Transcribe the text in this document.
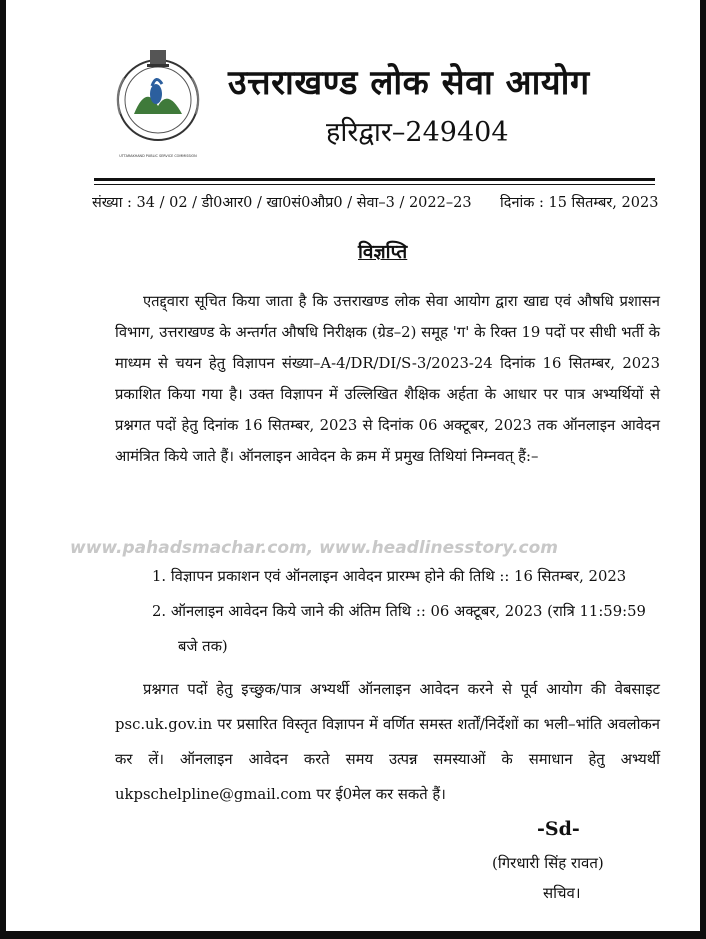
UTTARAKHAND PUBLIC SERVICE COMMISSION
उत्तराखण्ड लोक सेवा आयोग
हरिद्वार–249404
संख्या : 34 / 02 / डी0आर0 / खा0सं0औप्र0 / सेवा–3 / 2022–23 दिनांक : 15 सितम्बर, 2023
विज्ञप्ति
एतद्द्वारा सूचित किया जाता है कि उत्तराखण्ड लोक सेवा आयोग द्वारा खाद्य एवं औषधि प्रशासन विभाग, उत्तराखण्ड के अन्तर्गत औषधि निरीक्षक (ग्रेड–2) समूह 'ग' के रिक्त 19 पदों पर सीधी भर्ती के माध्यम से चयन हेतु विज्ञापन संख्या–A-4/DR/DI/S-3/2023-24 दिनांक 16 सितम्बर, 2023 प्रकाशित किया गया है। उक्त विज्ञापन में उल्लिखित शैक्षिक अर्हता के आधार पर पात्र अभ्यर्थियों से प्रश्नगत पदों हेतु दिनांक 16 सितम्बर, 2023 से दिनांक 06 अक्टूबर, 2023 तक ऑनलाइन आवेदन आमंत्रित किये जाते हैं। ऑनलाइन आवेदन के क्रम में प्रमुख तिथियां निम्नवत् हैं:–
www.pahadsmachar.com, www.headlinesstory.com
1. विज्ञापन प्रकाशन एवं ऑनलाइन आवेदन प्रारम्भ होने की तिथि :: 16 सितम्बर, 2023
2. ऑनलाइन आवेदन किये जाने की अंतिम तिथि :: 06 अक्टूबर, 2023 (रात्रि 11:59:59
बजे तक)
प्रश्नगत पदों हेतु इच्छुक/पात्र अभ्यर्थी ऑनलाइन आवेदन करने से पूर्व आयोग की वेबसाइट psc.uk.gov.in पर प्रसारित विस्तृत विज्ञापन में वर्णित समस्त शर्तों/निर्देशों का भली–भांति अवलोकन कर लें। ऑनलाइन आवेदन करते समय उत्पन्न समस्याओं के समाधान हेतु अभ्यर्थी ukpschelpline@gmail.com पर ई0मेल कर सकते हैं।
-Sd-
(गिरधारी सिंह रावत)
सचिव।
